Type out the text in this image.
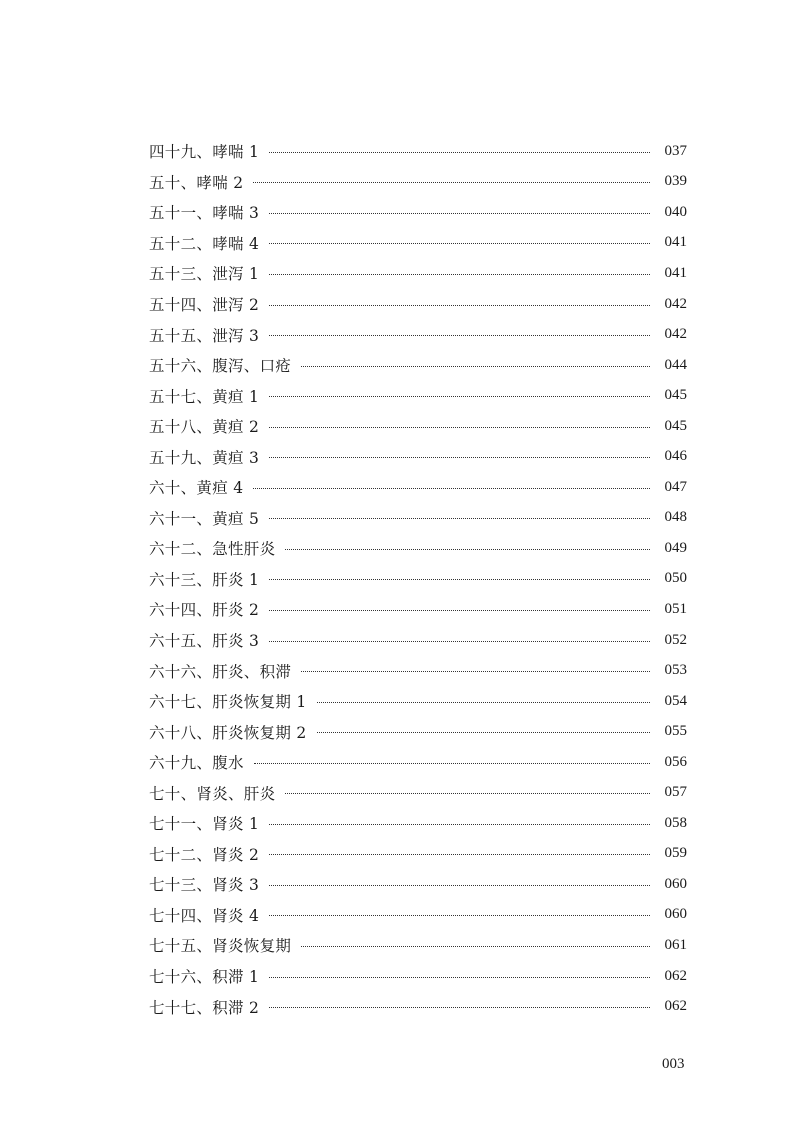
四十九、哮喘 1	037
五十、哮喘 2	039
五十一、哮喘 3	040
五十二、哮喘 4	041
五十三、泄泻 1	041
五十四、泄泻 2	042
五十五、泄泻 3	042
五十六、腹泻、口疮	044
五十七、黄疸 1	045
五十八、黄疸 2	045
五十九、黄疸 3	046
六十、黄疸 4	047
六十一、黄疸 5	048
六十二、急性肝炎	049
六十三、肝炎 1	050
六十四、肝炎 2	051
六十五、肝炎 3	052
六十六、肝炎、积滞	053
六十七、肝炎恢复期 1	054
六十八、肝炎恢复期 2	055
六十九、腹水	056
七十、肾炎、肝炎	057
七十一、肾炎 1	058
七十二、肾炎 2	059
七十三、肾炎 3	060
七十四、肾炎 4	060
七十五、肾炎恢复期	061
七十六、积滞 1	062
七十七、积滞 2	062
003
